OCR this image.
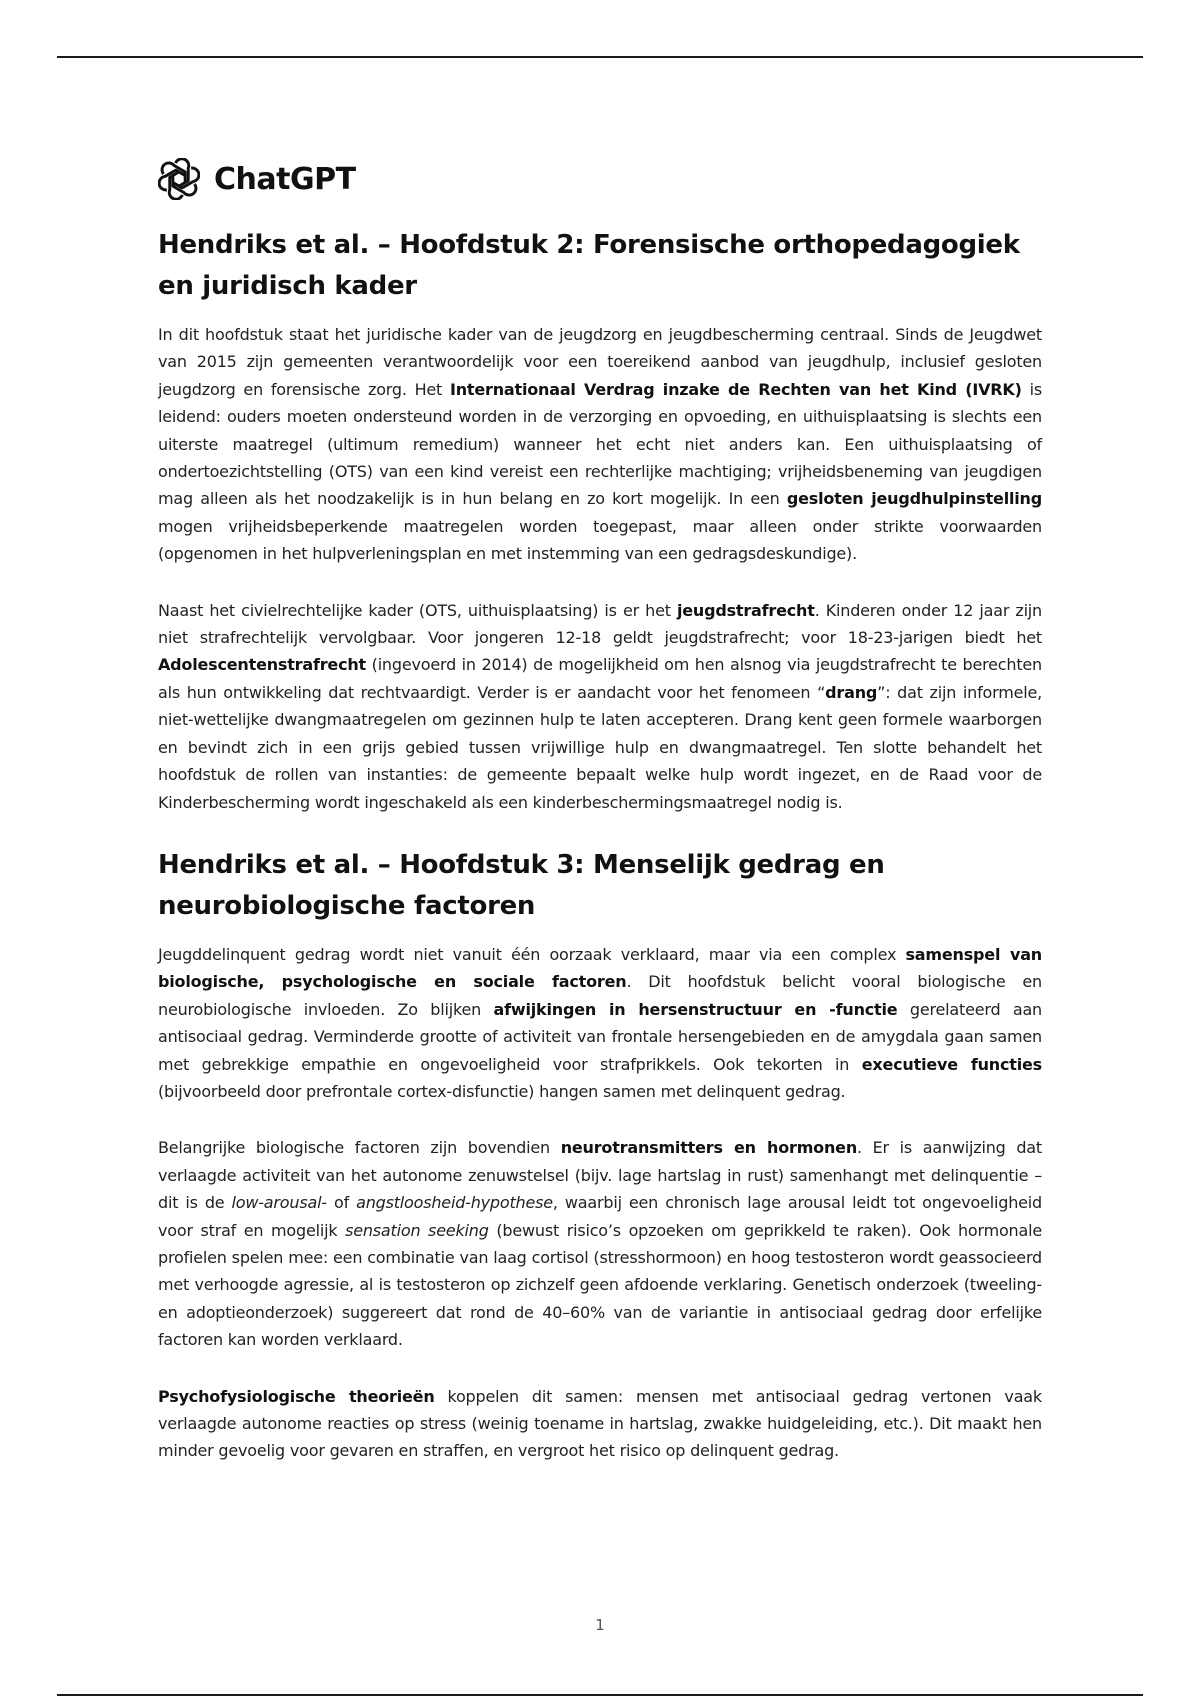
ChatGPT
Hendriks et al. – Hoofdstuk 2: Forensische orthopedagogiek en juridisch kader

In dit hoofdstuk staat het juridische kader van de jeugdzorg en jeugdbescherming centraal. Sinds de Jeugdwet van 2015 zijn gemeenten verantwoordelijk voor een toereikend aanbod van jeugdhulp, inclusief gesloten jeugdzorg en forensische zorg. Het Internationaal Verdrag inzake de Rechten van het Kind (IVRK) is leidend: ouders moeten ondersteund worden in de verzorging en opvoeding, en uithuisplaatsing is slechts een uiterste maatregel (ultimum remedium) wanneer het echt niet anders kan. Een uithuisplaatsing of ondertoezichtstelling (OTS) van een kind vereist een rechterlijke machtiging; vrijheidsbeneming van jeugdigen mag alleen als het noodzakelijk is in hun belang en zo kort mogelijk. In een gesloten jeugdhulpinstelling mogen vrijheidsbeperkende maatregelen worden toegepast, maar alleen onder strikte voorwaarden (opgenomen in het hulpverleningsplan en met instemming van een gedragsdeskundige).

Naast het civielrechtelijke kader (OTS, uithuisplaatsing) is er het jeugdstrafrecht. Kinderen onder 12 jaar zijn niet strafrechtelijk vervolgbaar. Voor jongeren 12-18 geldt jeugdstrafrecht; voor 18-23-jarigen biedt het Adolescentenstrafrecht (ingevoerd in 2014) de mogelijkheid om hen alsnog via jeugdstrafrecht te berechten als hun ontwikkeling dat rechtvaardigt. Verder is er aandacht voor het fenomeen “drang”: dat zijn informele, niet-wettelijke dwangmaatregelen om gezinnen hulp te laten accepteren. Drang kent geen formele waarborgen en bevindt zich in een grijs gebied tussen vrijwillige hulp en dwangmaatregel. Ten slotte behandelt het hoofdstuk de rollen van instanties: de gemeente bepaalt welke hulp wordt ingezet, en de Raad voor de Kinderbescherming wordt ingeschakeld als een kinderbeschermingsmaatregel nodig is.

Hendriks et al. – Hoofdstuk 3: Menselijk gedrag en neurobiologische factoren

Jeugddelinquent gedrag wordt niet vanuit één oorzaak verklaard, maar via een complex samenspel van biologische, psychologische en sociale factoren. Dit hoofdstuk belicht vooral biologische en neurobiologische invloeden. Zo blijken afwijkingen in hersenstructuur en -functie gerelateerd aan antisociaal gedrag. Verminderde grootte of activiteit van frontale hersengebieden en de amygdala gaan samen met gebrekkige empathie en ongevoeligheid voor strafprikkels. Ook tekorten in executieve functies (bijvoorbeeld door prefrontale cortex-disfunctie) hangen samen met delinquent gedrag.

Belangrijke biologische factoren zijn bovendien neurotransmitters en hormonen. Er is aanwijzing dat verlaagde activiteit van het autonome zenuwstelsel (bijv. lage hartslag in rust) samenhangt met delinquentie – dit is de low-arousal- of angstloosheid-hypothese, waarbij een chronisch lage arousal leidt tot ongevoeligheid voor straf en mogelijk sensation seeking (bewust risico’s opzoeken om geprikkeld te raken). Ook hormonale profielen spelen mee: een combinatie van laag cortisol (stresshormoon) en hoog testosteron wordt geassocieerd met verhoogde agressie, al is testosteron op zichzelf geen afdoende verklaring. Genetisch onderzoek (tweeling- en adoptieonderzoek) suggereert dat rond de 40–60% van de variantie in antisociaal gedrag door erfelijke factoren kan worden verklaard.

Psychofysiologische theorieën koppelen dit samen: mensen met antisociaal gedrag vertonen vaak verlaagde autonome reacties op stress (weinig toename in hartslag, zwakke huidgeleiding, etc.). Dit maakt hen minder gevoelig voor gevaren en straffen, en vergroot het risico op delinquent gedrag.

1
